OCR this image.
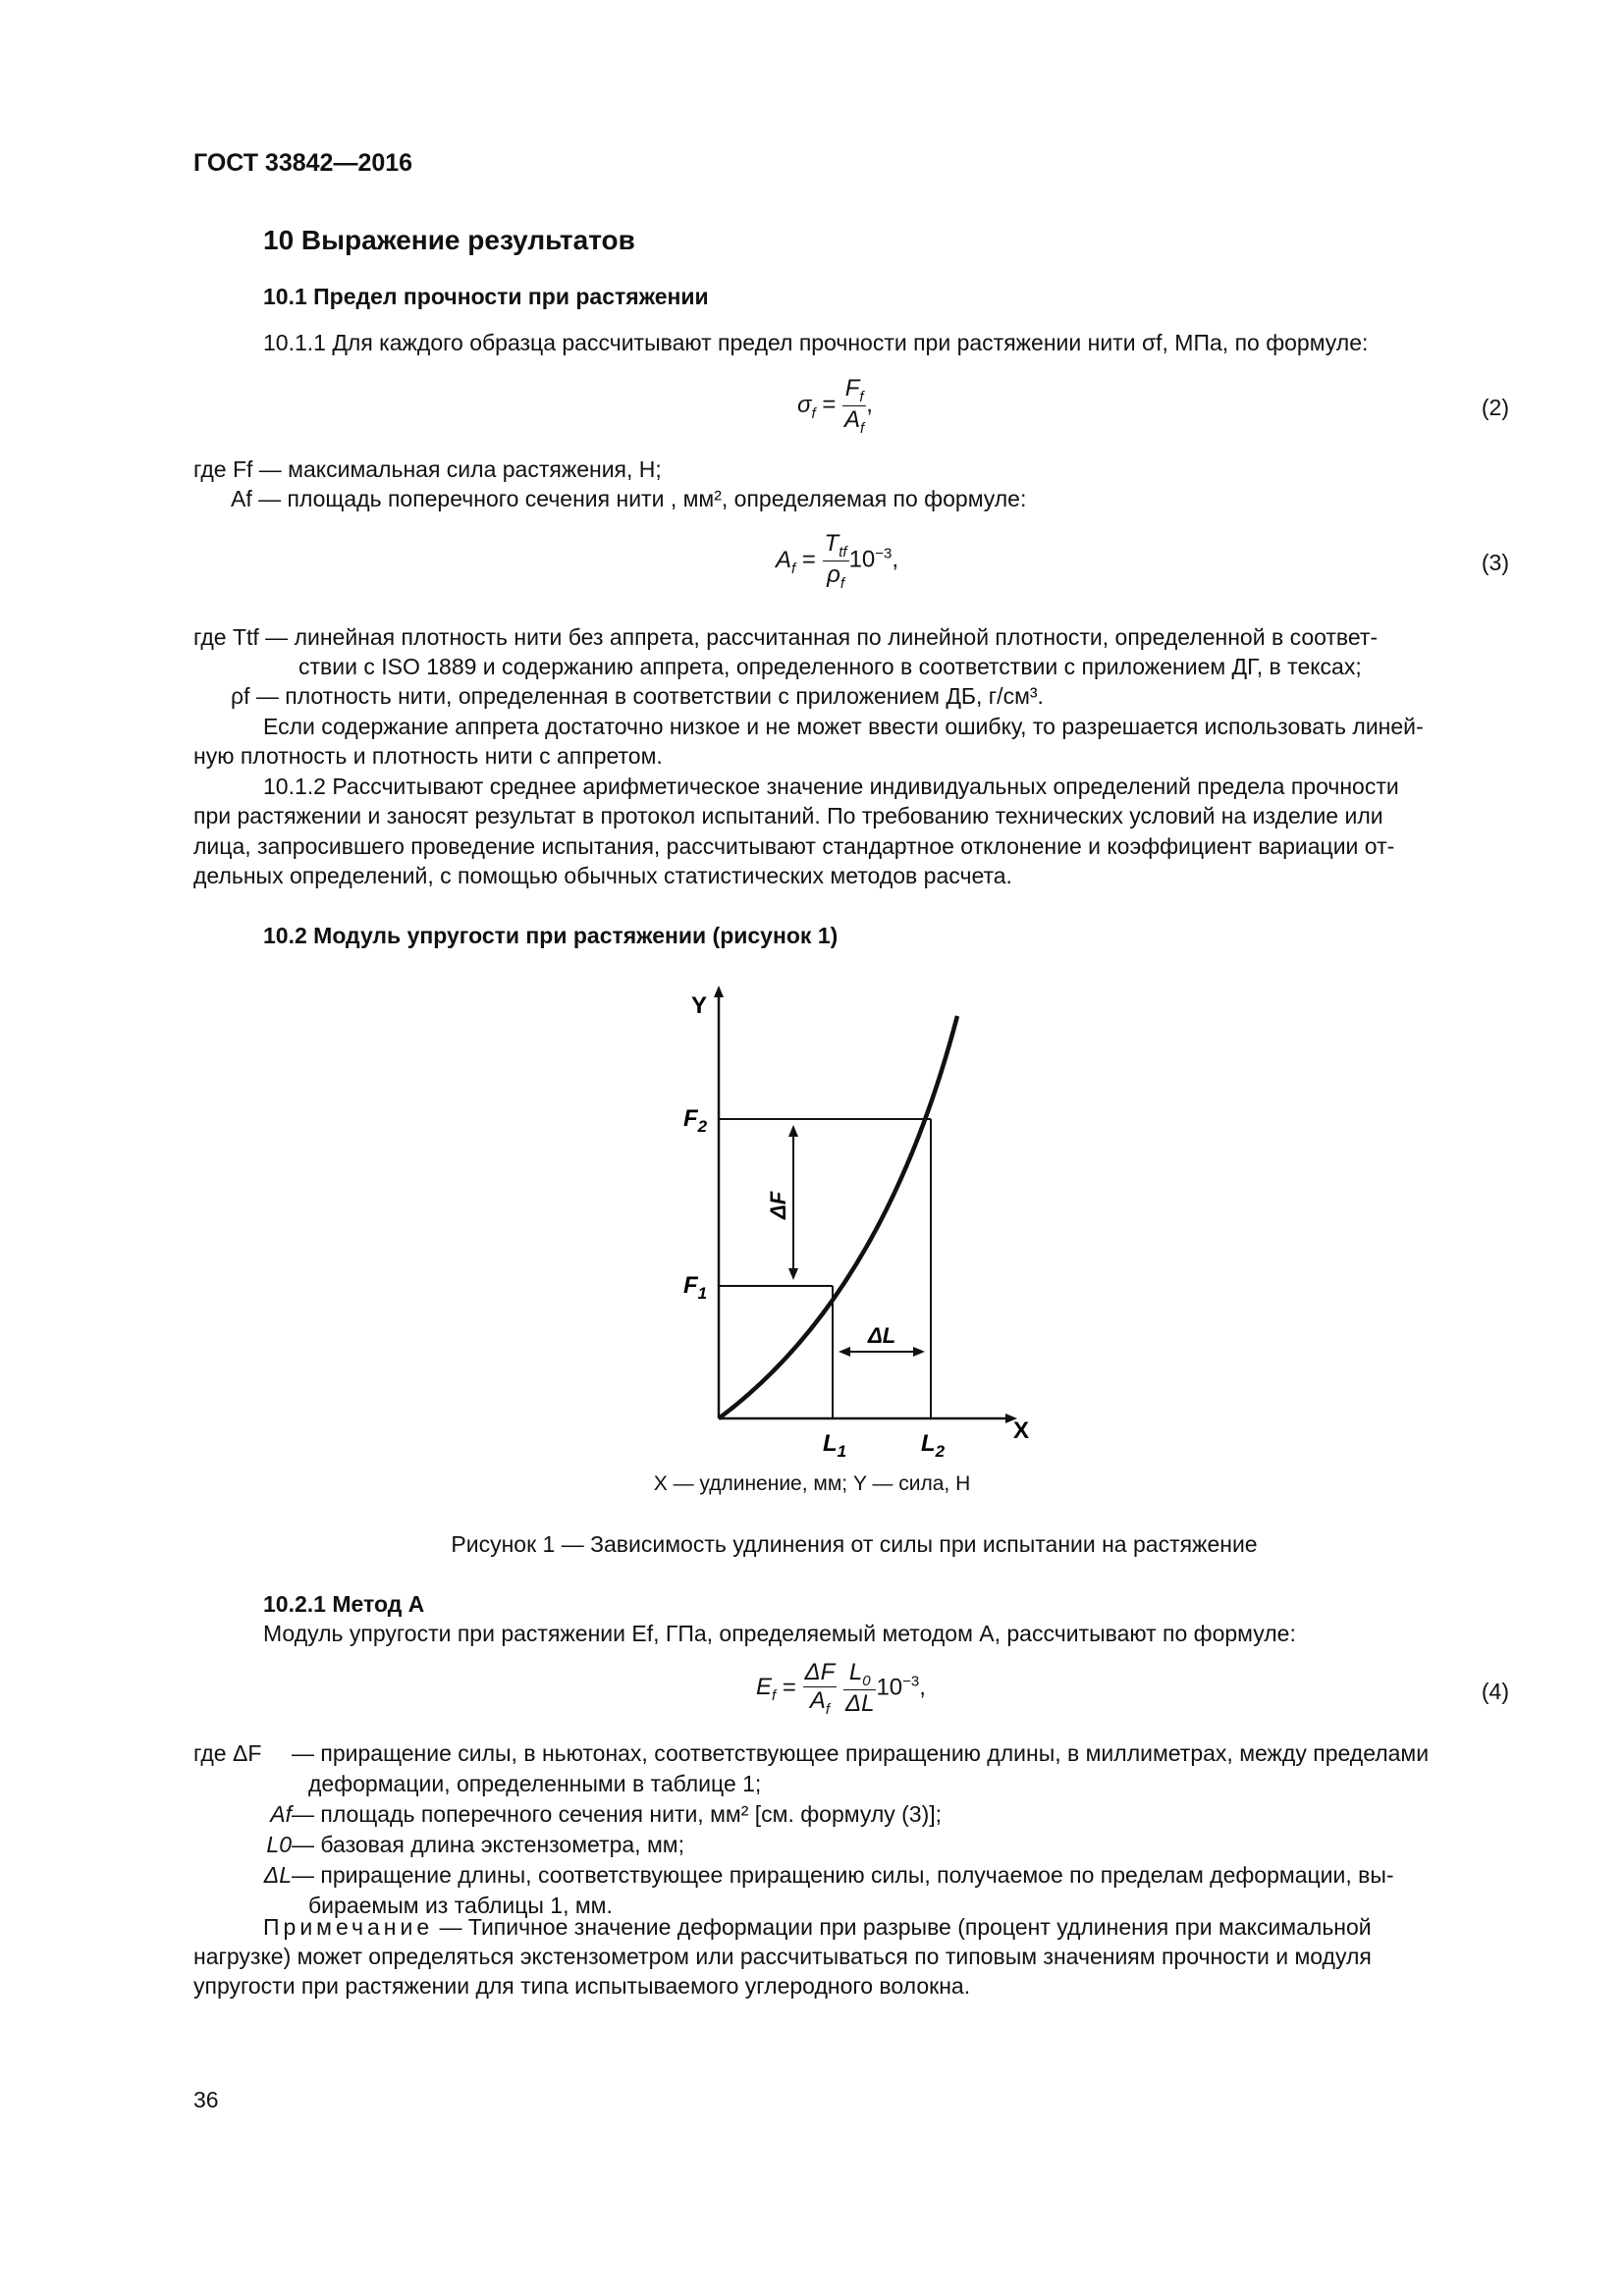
ГОСТ 33842—2016
10 Выражение результатов
10.1 Предел прочности при растяжении
10.1.1 Для каждого образца рассчитывают предел прочности при растяжении нити σf, МПа, по формуле:
$\sigma_f = \frac{F_f}{A_f}$ ,	(2)
где Ff — максимальная сила растяжения, Н;
Af — площадь поперечного сечения нити , мм², определяемая по формуле:
$A_f = \frac{T_{tf}}{\rho_f} 10^{-3}$,	(3)
где Ttf — линейная плотность нити без аппрета, рассчитанная по линейной плотности, определенной в соответ-
ствии с ISO 1889 и содержанию аппрета, определенного в соответствии с приложением ДГ, в тексах;
ρf — плотность нити, определенная в соответствии с приложением ДБ, г/см³.
Если содержание аппрета достаточно низкое и не может ввести ошибку, то разрешается использовать линей-
ную плотность и плотность нити с аппретом.
10.1.2 Рассчитывают среднее арифметическое значение индивидуальных определений предела прочности
при растяжении и заносят результат в протокол испытаний. По требованию технических условий на изделие или
лица, запросившего проведение испытания, рассчитывают стандартное отклонение и коэффициент вариации от-
дельных определений, с помощью обычных статистических методов расчета.
10.2 Модуль упругости при растяжении (рисунок 1)
Y
X
$F_2$
$F_1$
$L_1$	$L_2$
ΔF
ΔL
X — удлинение, мм; Y — сила, Н
Рисунок 1 — Зависимость удлинения от силы при испытании на растяжение
10.2.1 Метод А
Модуль упругости при растяжении Ef, ГПа, определяемый методом А, рассчитывают по формуле:
$E_f = \frac{\Delta F}{A_f}$
$\frac{L_0}{\Delta L} 10^{-3}$,	(4)
где ΔF — приращение силы, в ньютонах, соответствующее приращению длины, в миллиметрах, между пределами
деформации, определенными в таблице 1;
Af— площадь поперечного сечения нити, мм² [см. формулу (3)];
L0— базовая длина экстензометра, мм;
ΔL— приращение длины, соответствующее приращению силы, получаемое по пределам деформации, вы-
бираемым из таблицы 1, мм.
Примечание — Типичное значение деформации при разрыве (процент удлинения при максимальной
нагрузке) может определяться экстензометром или рассчитываться по типовым значениям прочности и модуля
упругости при растяжении для типа испытываемого углеродного волокна.
36
